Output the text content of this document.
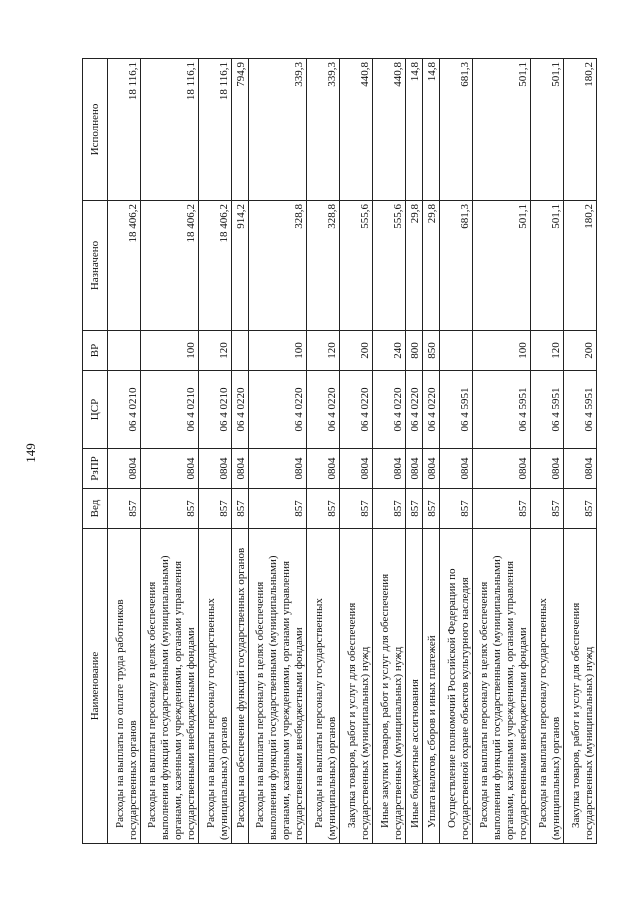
149
Наименование	Вед	РзПР	ЦСР	ВР	Назначено	Исполнено
Расходы на выплаты по оплате труда работников государственных органов	857	0804	06 4 0210		18 406,2	18 116,1
Расходы на выплаты персоналу в целях обеспечения выполнения функций государственными (муниципальными) органами, казенными учреждениями, органами управления государственными внебюджетными фондами	857	0804	06 4 0210	100	18 406,2	18 116,1
Расходы на выплаты персоналу государственных (муниципальных) органов	857	0804	06 4 0210	120	18 406,2	18 116,1
Расходы на обеспечение функций государственных органов	857	0804	06 4 0220		914,2	794,9
Расходы на выплаты персоналу в целях обеспечения выполнения функций государственными (муниципальными) органами, казенными учреждениями, органами управления государственными внебюджетными фондами	857	0804	06 4 0220	100	328,8	339,3
Расходы на выплаты персоналу государственных (муниципальных) органов	857	0804	06 4 0220	120	328,8	339,3
Закупка товаров, работ и услуг для обеспечения государственных (муниципальных) нужд	857	0804	06 4 0220	200	555,6	440,8
Иные закупки товаров, работ и услуг для обеспечения государственных (муниципальных) нужд	857	0804	06 4 0220	240	555,6	440,8
Иные бюджетные ассигнования	857	0804	06 4 0220	800	29,8	14,8
Уплата налогов, сборов и иных платежей	857	0804	06 4 0220	850	29,8	14,8
Осуществление полномочий Российской Федерации по государственной охране объектов культурного наследия	857	0804	06 4 5951		681,3	681,3
Расходы на выплаты персоналу в целях обеспечения выполнения функций государственными (муниципальными) органами, казенными учреждениями, органами управления государственными внебюджетными фондами	857	0804	06 4 5951	100	501,1	501,1
Расходы на выплаты персоналу государственных (муниципальных) органов	857	0804	06 4 5951	120	501,1	501,1
Закупка товаров, работ и услуг для обеспечения государственных (муниципальных) нужд	857	0804	06 4 5951	200	180,2	180,2
